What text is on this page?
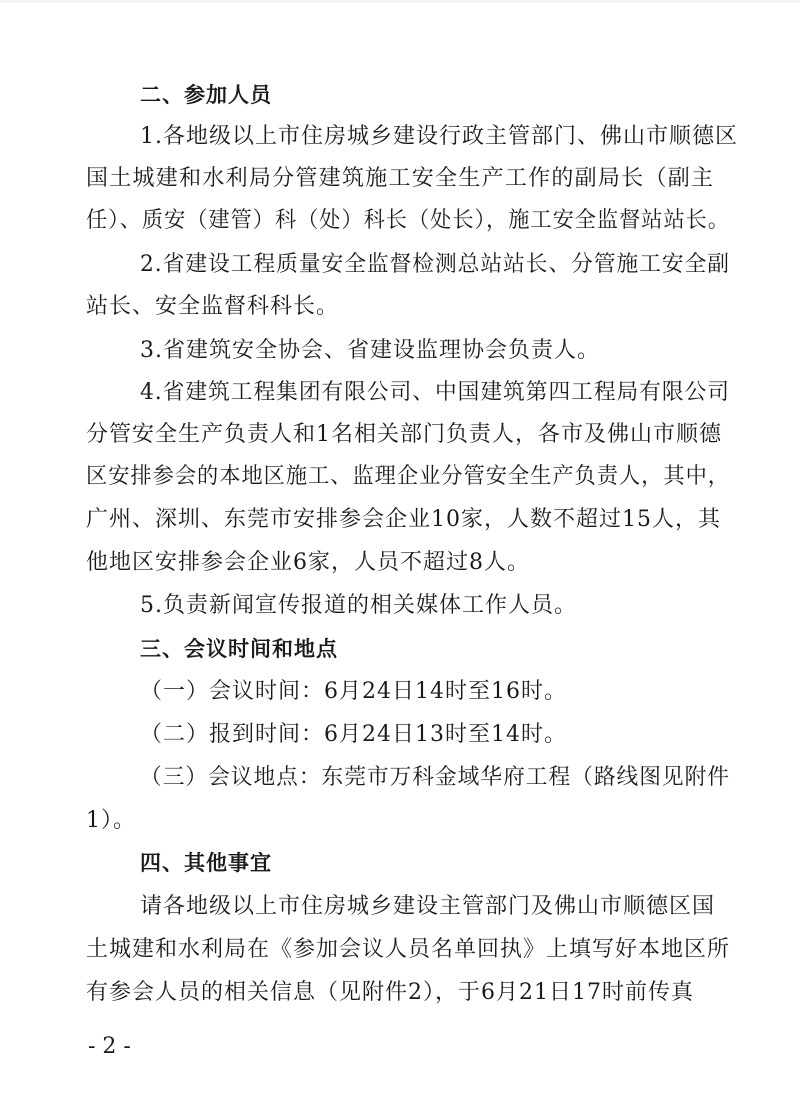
二、参加人员
1.各地级以上市住房城乡建设行政主管部门、佛山市顺德区
国土城建和水利局分管建筑施工安全生产工作的副局长（副主
任）、质安（建管）科（处）科长（处长），施工安全监督站站长。
2.省建设工程质量安全监督检测总站站长、分管施工安全副
站长、安全监督科科长。
3.省建筑安全协会、省建设监理协会负责人。
4.省建筑工程集团有限公司、中国建筑第四工程局有限公司
分管安全生产负责人和1名相关部门负责人，各市及佛山市顺德
区安排参会的本地区施工、监理企业分管安全生产负责人，其中，
广州、深圳、东莞市安排参会企业10家，人数不超过15人，其
他地区安排参会企业6家，人员不超过8人。
5.负责新闻宣传报道的相关媒体工作人员。
三、会议时间和地点
（一）会议时间：6月24日14时至16时。
（二）报到时间：6月24日13时至14时。
（三）会议地点：东莞市万科金域华府工程（路线图见附件
1）。
四、其他事宜
请各地级以上市住房城乡建设主管部门及佛山市顺德区国
土城建和水利局在《参加会议人员名单回执》上填写好本地区所
有参会人员的相关信息（见附件2），于6月21日17时前传真
- 2 -
